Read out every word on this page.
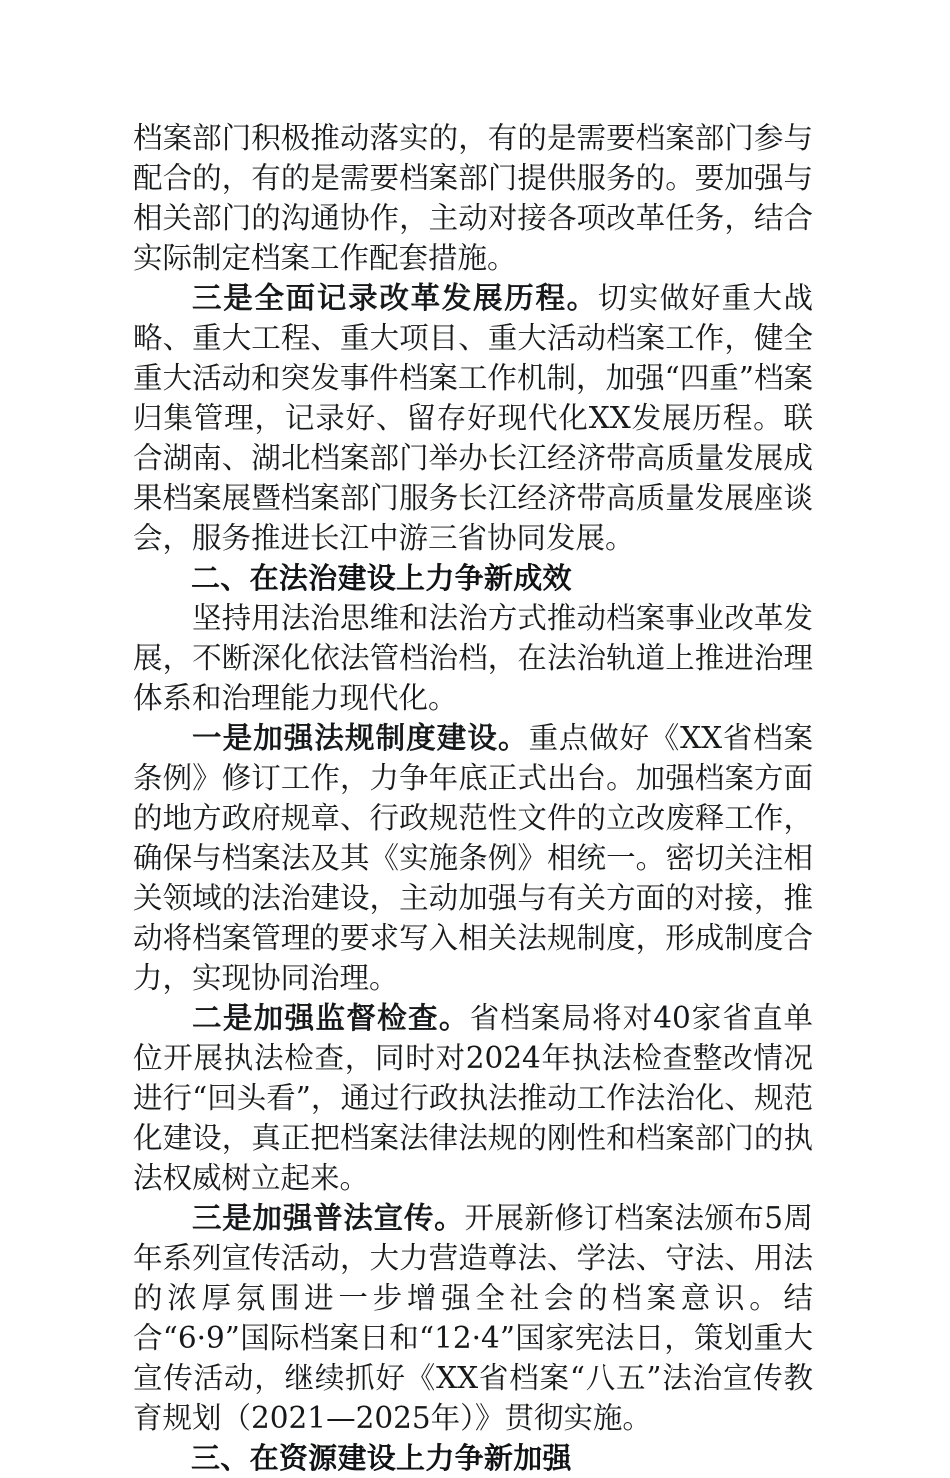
档案部门积极推动落实的，有的是需要档案部门参与配合的，有的是需要档案部门提供服务的。要加强与相关部门的沟通协作，主动对接各项改革任务，结合实际制定档案工作配套措施。

三是全面记录改革发展历程。切实做好重大战略、重大工程、重大项目、重大活动档案工作，健全重大活动和突发事件档案工作机制，加强“四重”档案归集管理，记录好、留存好现代化XX发展历程。联合湖南、湖北档案部门举办长江经济带高质量发展成果档案展暨档案部门服务长江经济带高质量发展座谈会，服务推进长江中游三省协同发展。

二、在法治建设上力争新成效

坚持用法治思维和法治方式推动档案事业改革发展，不断深化依法管档治档，在法治轨道上推进治理体系和治理能力现代化。

一是加强法规制度建设。重点做好《XX省档案条例》修订工作，力争年底正式出台。加强档案方面的地方政府规章、行政规范性文件的立改废释工作，确保与档案法及其《实施条例》相统一。密切关注相关领域的法治建设，主动加强与有关方面的对接，推动将档案管理的要求写入相关法规制度，形成制度合力，实现协同治理。

二是加强监督检查。省档案局将对40家省直单位开展执法检查，同时对2024年执法检查整改情况进行“回头看”，通过行政执法推动工作法治化、规范化建设，真正把档案法律法规的刚性和档案部门的执法权威树立起来。

三是加强普法宣传。开展新修订档案法颁布5周年系列宣传活动，大力营造尊法、学法、守法、用法的浓厚氛围进一步增强全社会的档案意识。结合“6·9”国际档案日和“12·4”国家宪法日，策划重大宣传活动，继续抓好《XX省档案“八五”法治宣传教育规划（2021—2025年）》贯彻实施。

三、在资源建设上力争新加强
